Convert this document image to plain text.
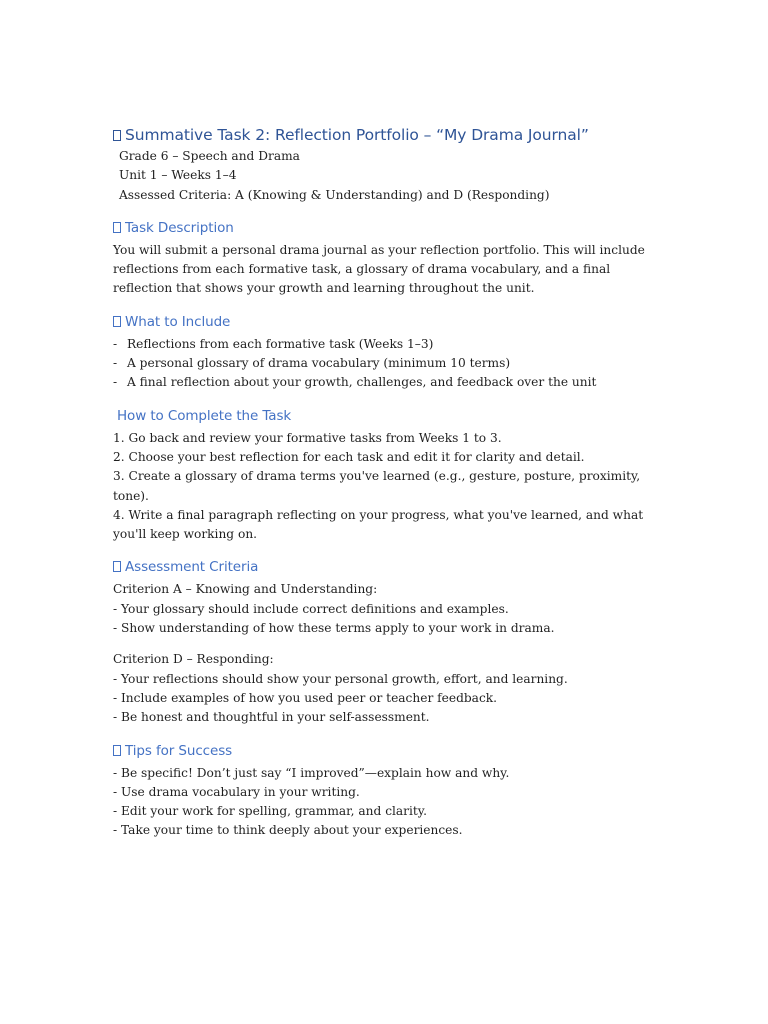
Summative Task 2: Reflection Portfolio – “My Drama Journal”

Grade 6 – Speech and Drama

Unit 1 – Weeks 1–4

Assessed Criteria: A (Knowing & Understanding) and D (Responding)

Task Description

You will submit a personal drama journal as your reflection portfolio. This will include reflections from each formative task, a glossary of drama vocabulary, and a final reflection that shows your growth and learning throughout the unit.

What to Include
- Reflections from each formative task (Weeks 1–3)
- A personal glossary of drama vocabulary (minimum 10 terms)
- A final reflection about your growth, challenges, and feedback over the unit
How to Complete the Task

1. Go back and review your formative tasks from Weeks 1 to 3.

2. Choose your best reflection for each task and edit it for clarity and detail.

3. Create a glossary of drama terms you've learned (e.g., gesture, posture, proximity, tone).

4. Write a final paragraph reflecting on your progress, what you've learned, and what you'll keep working on.

Assessment Criteria

Criterion A – Knowing and Understanding:

- Your glossary should include correct definitions and examples.

- Show understanding of how these terms apply to your work in drama.

Criterion D – Responding:

- Your reflections should show your personal growth, effort, and learning.

- Include examples of how you used peer or teacher feedback.

- Be honest and thoughtful in your self-assessment.

Tips for Success

- Be specific! Don’t just say “I improved”—explain how and why.

- Use drama vocabulary in your writing.

- Edit your work for spelling, grammar, and clarity.

- Take your time to think deeply about your experiences.
